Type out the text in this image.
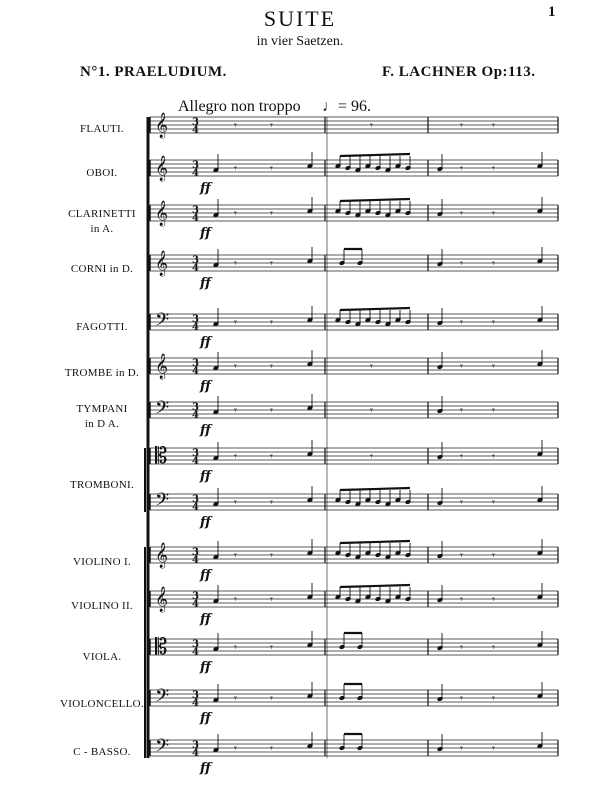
1
SUITE
in vier Saetzen.
N°1. PRAELUDIUM.	F. LACHNER Op:113.
Allegro non troppo ♩= 96.
FLAUTI.
OBOI.
CLARINETTI
in A.
CORNI in D.
FAGOTTI.
TROMBE in D.
TYMPANI
in D A.
TROMBONI.
VIOLINO I.
VIOLINO II.
VIOLA.
VIOLONCELLO.
C - BASSO.
𝄞 3
4
𝄞 3
4
𝄞 3
4
𝄞 3
4
𝄢 3
4
𝄞 3
4
𝄢 3
4
𝄡 3
4
𝄢 3
4
𝄞 3
4
𝄞 3
4
𝄡 3
4
𝄢 3
4
𝄢 3
4
𝄾	𝄾	𝄾	𝄾	𝄾
𝄾	𝄾	𝄾	𝄾
ff
𝄾	𝄾	𝄾	𝄾
ff
𝄾	𝄾	𝄾	𝄾
ff
𝄾	𝄾	𝄾	𝄾
ff
𝄾	𝄾	𝄾	𝄾	𝄾
ff
𝄾	𝄾	𝄾	𝄾	𝄾
ff
𝄾	𝄾	𝄾	𝄾	𝄾
ff
𝄾	𝄾	𝄾	𝄾
ff
𝄾	𝄾	𝄾	𝄾
ff
𝄾	𝄾	𝄾	𝄾
ff
𝄾	𝄾	𝄾	𝄾
ff
𝄾	𝄾	𝄾	𝄾
ff
𝄾	𝄾	𝄾	𝄾
ff
